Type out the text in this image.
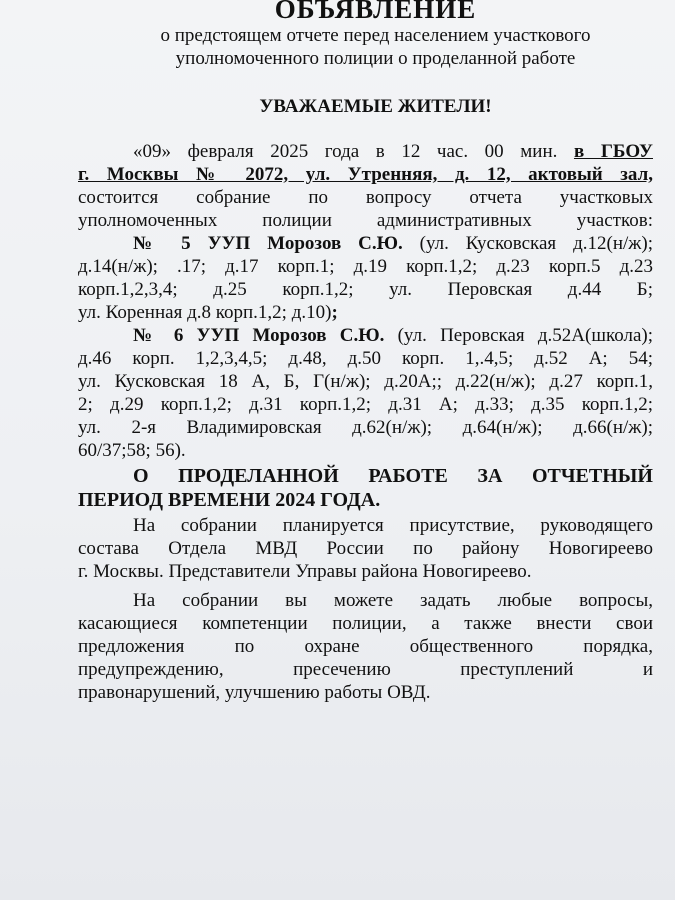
ОБЪЯВЛЕНИЕ
о предстоящем отчете перед населением участкового
уполномоченного полиции о проделанной работе
УВАЖАЕМЫЕ ЖИТЕЛИ!
«09» февраля 2025 года в 12 час. 00 мин. в ГБОУ
г. Москвы № 2072, ул. Утренняя, д. 12, актовый зал,
состоится собрание по вопросу отчета участковых
уполномоченных полиции административных участков:
№ 5 УУП Морозов С.Ю. (ул. Кусковская д.12(н/ж);
д.14(н/ж); .17; д.17 корп.1; д.19 корп.1,2; д.23 корп.5 д.23
корп.1,2,3,4; д.25 корп.1,2; ул. Перовская д.44 Б;
ул. Коренная д.8 корп.1,2; д.10);
№ 6 УУП Морозов С.Ю. (ул. Перовская д.52А(школа);
д.46 корп. 1,2,3,4,5; д.48, д.50 корп. 1,.4,5; д.52 А; 54;
ул. Кусковская 18 А, Б, Г(н/ж); д.20А;; д.22(н/ж); д.27 корп.1,
2; д.29 корп.1,2; д.31 корп.1,2; д.31 А; д.33; д.35 корп.1,2;
ул. 2-я Владимировская д.62(н/ж); д.64(н/ж); д.66(н/ж);
60/37;58; 56).
О ПРОДЕЛАННОЙ РАБОТЕ ЗА ОТЧЕТНЫЙ
ПЕРИОД ВРЕМЕНИ 2024 ГОДА.
На собрании планируется присутствие, руководящего
состава Отдела МВД России по району Новогиреево
г. Москвы. Представители Управы района Новогиреево.
На собрании вы можете задать любые вопросы,
касающиеся компетенции полиции, а также внести свои
предложения по охране общественного порядка,
предупреждению, пресечению преступлений и
правонарушений, улучшению работы ОВД.
